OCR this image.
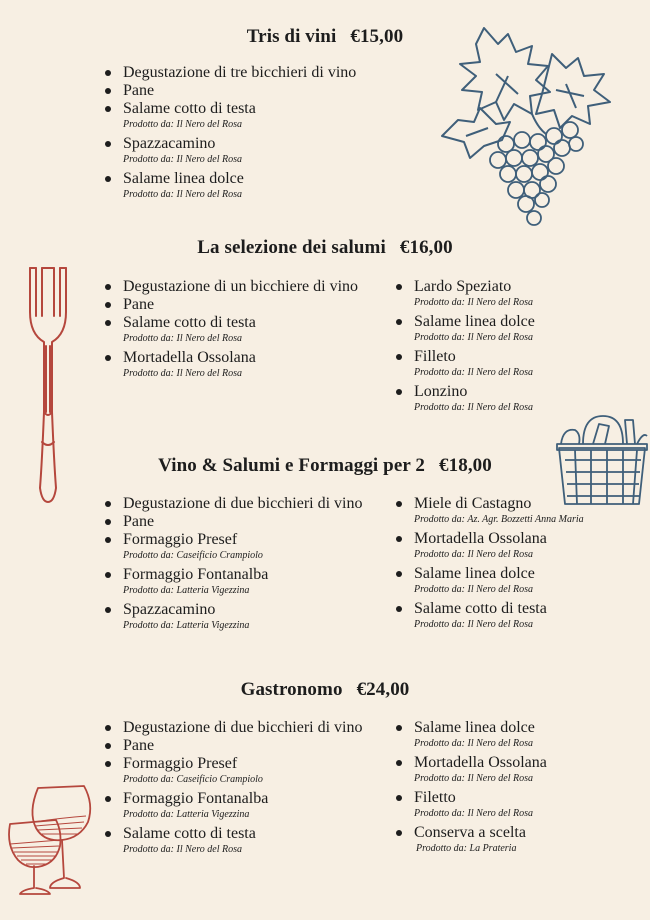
Tris di vini €15,00
Degustazione di tre bicchieri di vino
Pane
Salame cotto di testa
Prodotto da: Il Nero del Rosa
Spazzacamino
Prodotto da: Il Nero del Rosa
Salame linea dolce
Prodotto da: Il Nero del Rosa
La selezione dei salumi €16,00
Degustazione di un bicchiere di vino
Pane
Salame cotto di testa
Prodotto da: Il Nero del Rosa
Mortadella Ossolana
Prodotto da: Il Nero del Rosa
Lardo Speziato
Prodotto da: Il Nero del Rosa
Salame linea dolce
Prodotto da: Il Nero del Rosa
Filleto
Prodotto da: Il Nero del Rosa
Lonzino
Prodotto da: Il Nero del Rosa
Vino & Salumi e Formaggi per 2 €18,00
Degustazione di due bicchieri di vino
Pane
Formaggio Presef
Prodotto da: Caseificio Crampiolo
Formaggio Fontanalba
Prodotto da: Latteria Vigezzina
Spazzacamino
Prodotto da: Latteria Vigezzina
Miele di Castagno
Prodotto da: Az. Agr. Bozzetti Anna Maria
Mortadella Ossolana
Prodotto da: Il Nero del Rosa
Salame linea dolce
Prodotto da: Il Nero del Rosa
Salame cotto di testa
Prodotto da: Il Nero del Rosa
Gastronomo €24,00
Degustazione di due bicchieri di vino
Pane
Formaggio Presef
Prodotto da: Caseificio Crampiolo
Formaggio Fontanalba
Prodotto da: Latteria Vigezzina
Salame cotto di testa
Prodotto da: Il Nero del Rosa
Salame linea dolce
Prodotto da: Il Nero del Rosa
Mortadella Ossolana
Prodotto da: Il Nero del Rosa
Filetto
Prodotto da: Il Nero del Rosa
Conserva a scelta
Prodotto da: La Prateria
